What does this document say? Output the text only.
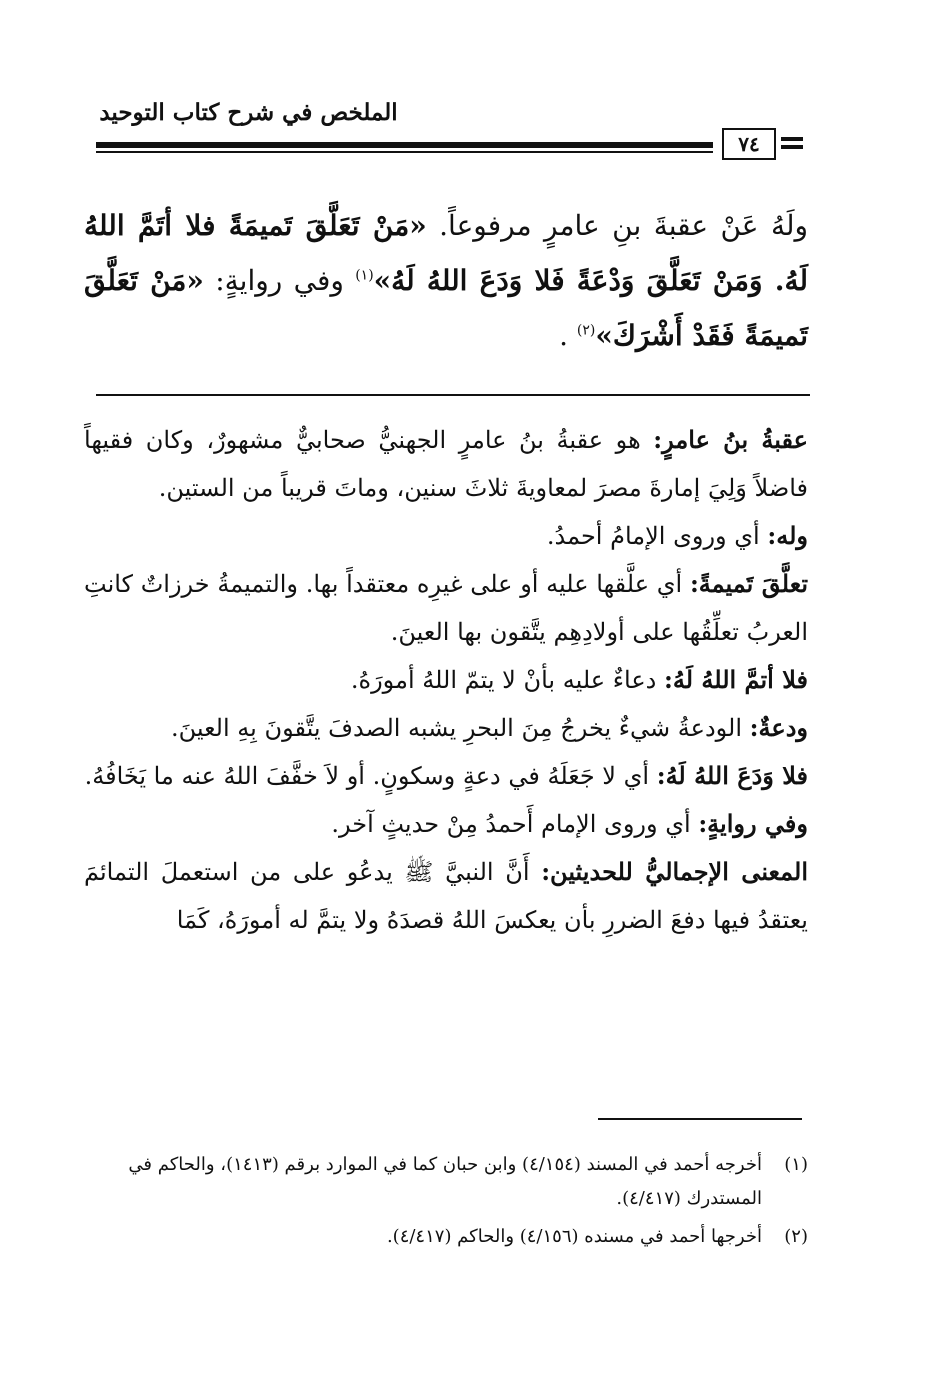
الملخص في شرح كتاب التوحيد
٧٤
ولَهُ عَنْ عقبةَ بنِ عامرٍ مرفوعاً. «مَنْ تَعَلَّقَ تَميمَةً فلا أتَمَّ اللهُ لَهُ. وَمَنْ تَعَلَّقَ وَدْعَةً فَلا وَدَعَ اللهُ لَهُ»$^{(١)}$ وفي روايةٍ: «مَنْ تَعَلَّقَ تَميمَةً فَقَدْ أَشْرَكَ»$^{(٢)}$ .

عقبةُ بنُ عامرٍ: هو عقبةُ بنُ عامرٍ الجهنيُّ صحابيٌّ مشهورٌ، وكان فقيهاً فاضلاً وَلِيَ إمارةَ مصرَ لمعاويةَ ثلاثَ سنين، وماتَ قريباً من الستين.

وله: أي وروى الإمامُ أحمدُ.

تعلَّقَ تَميمةً: أي علَّقها عليه أو على غيرِه معتقداً بها. والتميمةُ خرزاتٌ كانتِ العربُ تعلِّقُها على أولادِهِم يتَّقون بها العينَ.

فلا أتمَّ اللهُ لَهُ: دعاءٌ عليه بأنْ لا يتمّ اللهُ أمورَهُ.

ودعةٌ: الودعةُ شيءٌ يخرجُ مِنَ البحرِ يشبه الصدفَ يتَّقونَ بِهِ العينَ.

فلا وَدَعَ اللهُ لَهُ: أي لا جَعَلَهُ في دعةٍ وسكونٍ. أو لاَ خفَّفَ اللهُ عنه ما يَخَافُهُ.

وفي روايةٍ: أي وروى الإمام أَحمدُ مِنْ حديثٍ آخر.

المعنى الإجماليُّ للحديثين: أَنَّ النبيَّ ﷺ يدعُو على من استعملَ التمائمَ يعتقدُ فيها دفعَ الضررِ بأن يعكسَ اللهُ قصدَهُ ولا يتمَّ له أمورَهُ، كَمَا

(١)أخرجه أحمد في المسند (٤/١٥٤) وابن حبان كما في الموارد برقم (١٤١٣)، والحاكم في المستدرك (٤/٤١٧).

(٢)أخرجها أحمد في مسنده (٤/١٥٦) والحاكم (٤/٤١٧).
